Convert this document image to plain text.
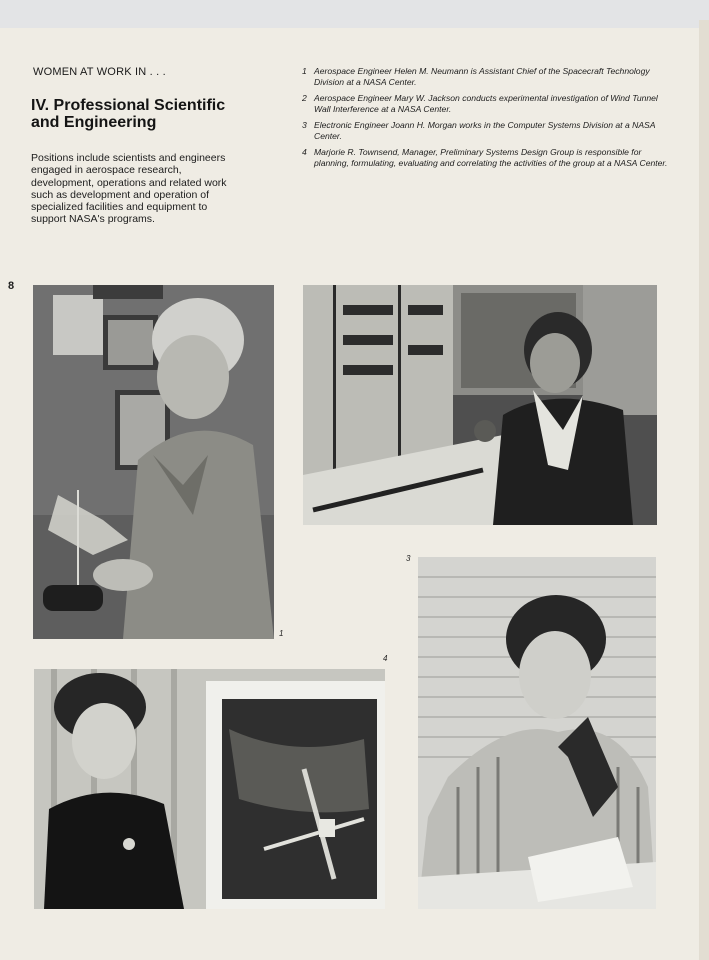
WOMEN AT WORK IN . . .
IV. Professional Scientific and Engineering
Positions include scientists and engineers engaged in aerospace research, development, operations and related work such as development and operation of specialized facilities and equipment to support NASA's programs.
1 Aerospace Engineer Helen M. Neumann is Assistant Chief of the Spacecraft Technology Division at a NASA Center.
2 Aerospace Engineer Mary W. Jackson conducts experimental investigation of Wind Tunnel Wall Interference at a NASA Center.
3 Electronic Engineer Joann H. Morgan works in the Computer Systems Division at a NASA Center.
4 Marjorie R. Townsend, Manager, Preliminary Systems Design Group is responsible for planning, formulating, evaluating and correlating the activities of the group at a NASA Center.
8
1
3
4
